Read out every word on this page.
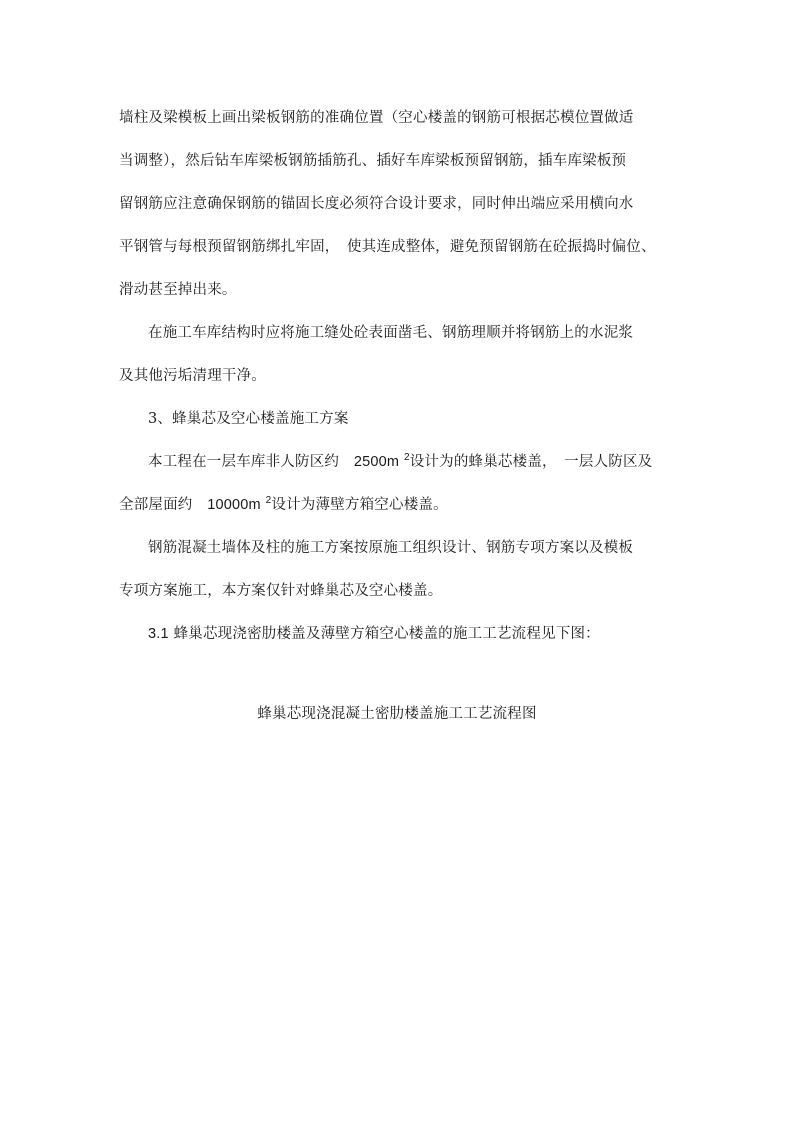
墙柱及梁模板上画出梁板钢筋的准确位置（空心楼盖的钢筋可根据芯模位置做适
当调整），然后钻车库梁板钢筋插筋孔、插好车库梁板预留钢筋，插车库梁板预
留钢筋应注意确保钢筋的锚固长度必须符合设计要求，同时伸出端应采用横向水
平钢管与每根预留钢筋绑扎牢固，　使其连成整体，避免预留钢筋在砼振捣时偏位、
滑动甚至掉出来。
在施工车库结构时应将施工缝处砼表面凿毛、钢筋理顺并将钢筋上的水泥浆
及其他污垢清理干净。
3、蜂巢芯及空心楼盖施工方案
本工程在一层车库非人防区约　2500m $^2$设计为的蜂巢芯楼盖，　一层人防区及
全部屋面约　10000m $^2$设计为薄壁方箱空心楼盖。
钢筋混凝土墙体及柱的施工方案按原施工组织设计、钢筋专项方案以及模板
专项方案施工，本方案仅针对蜂巢芯及空心楼盖。
3.1 蜂巢芯现浇密肋楼盖及薄壁方箱空心楼盖的施工工艺流程见下图：
蜂巢芯现浇混凝土密肋楼盖施工工艺流程图
